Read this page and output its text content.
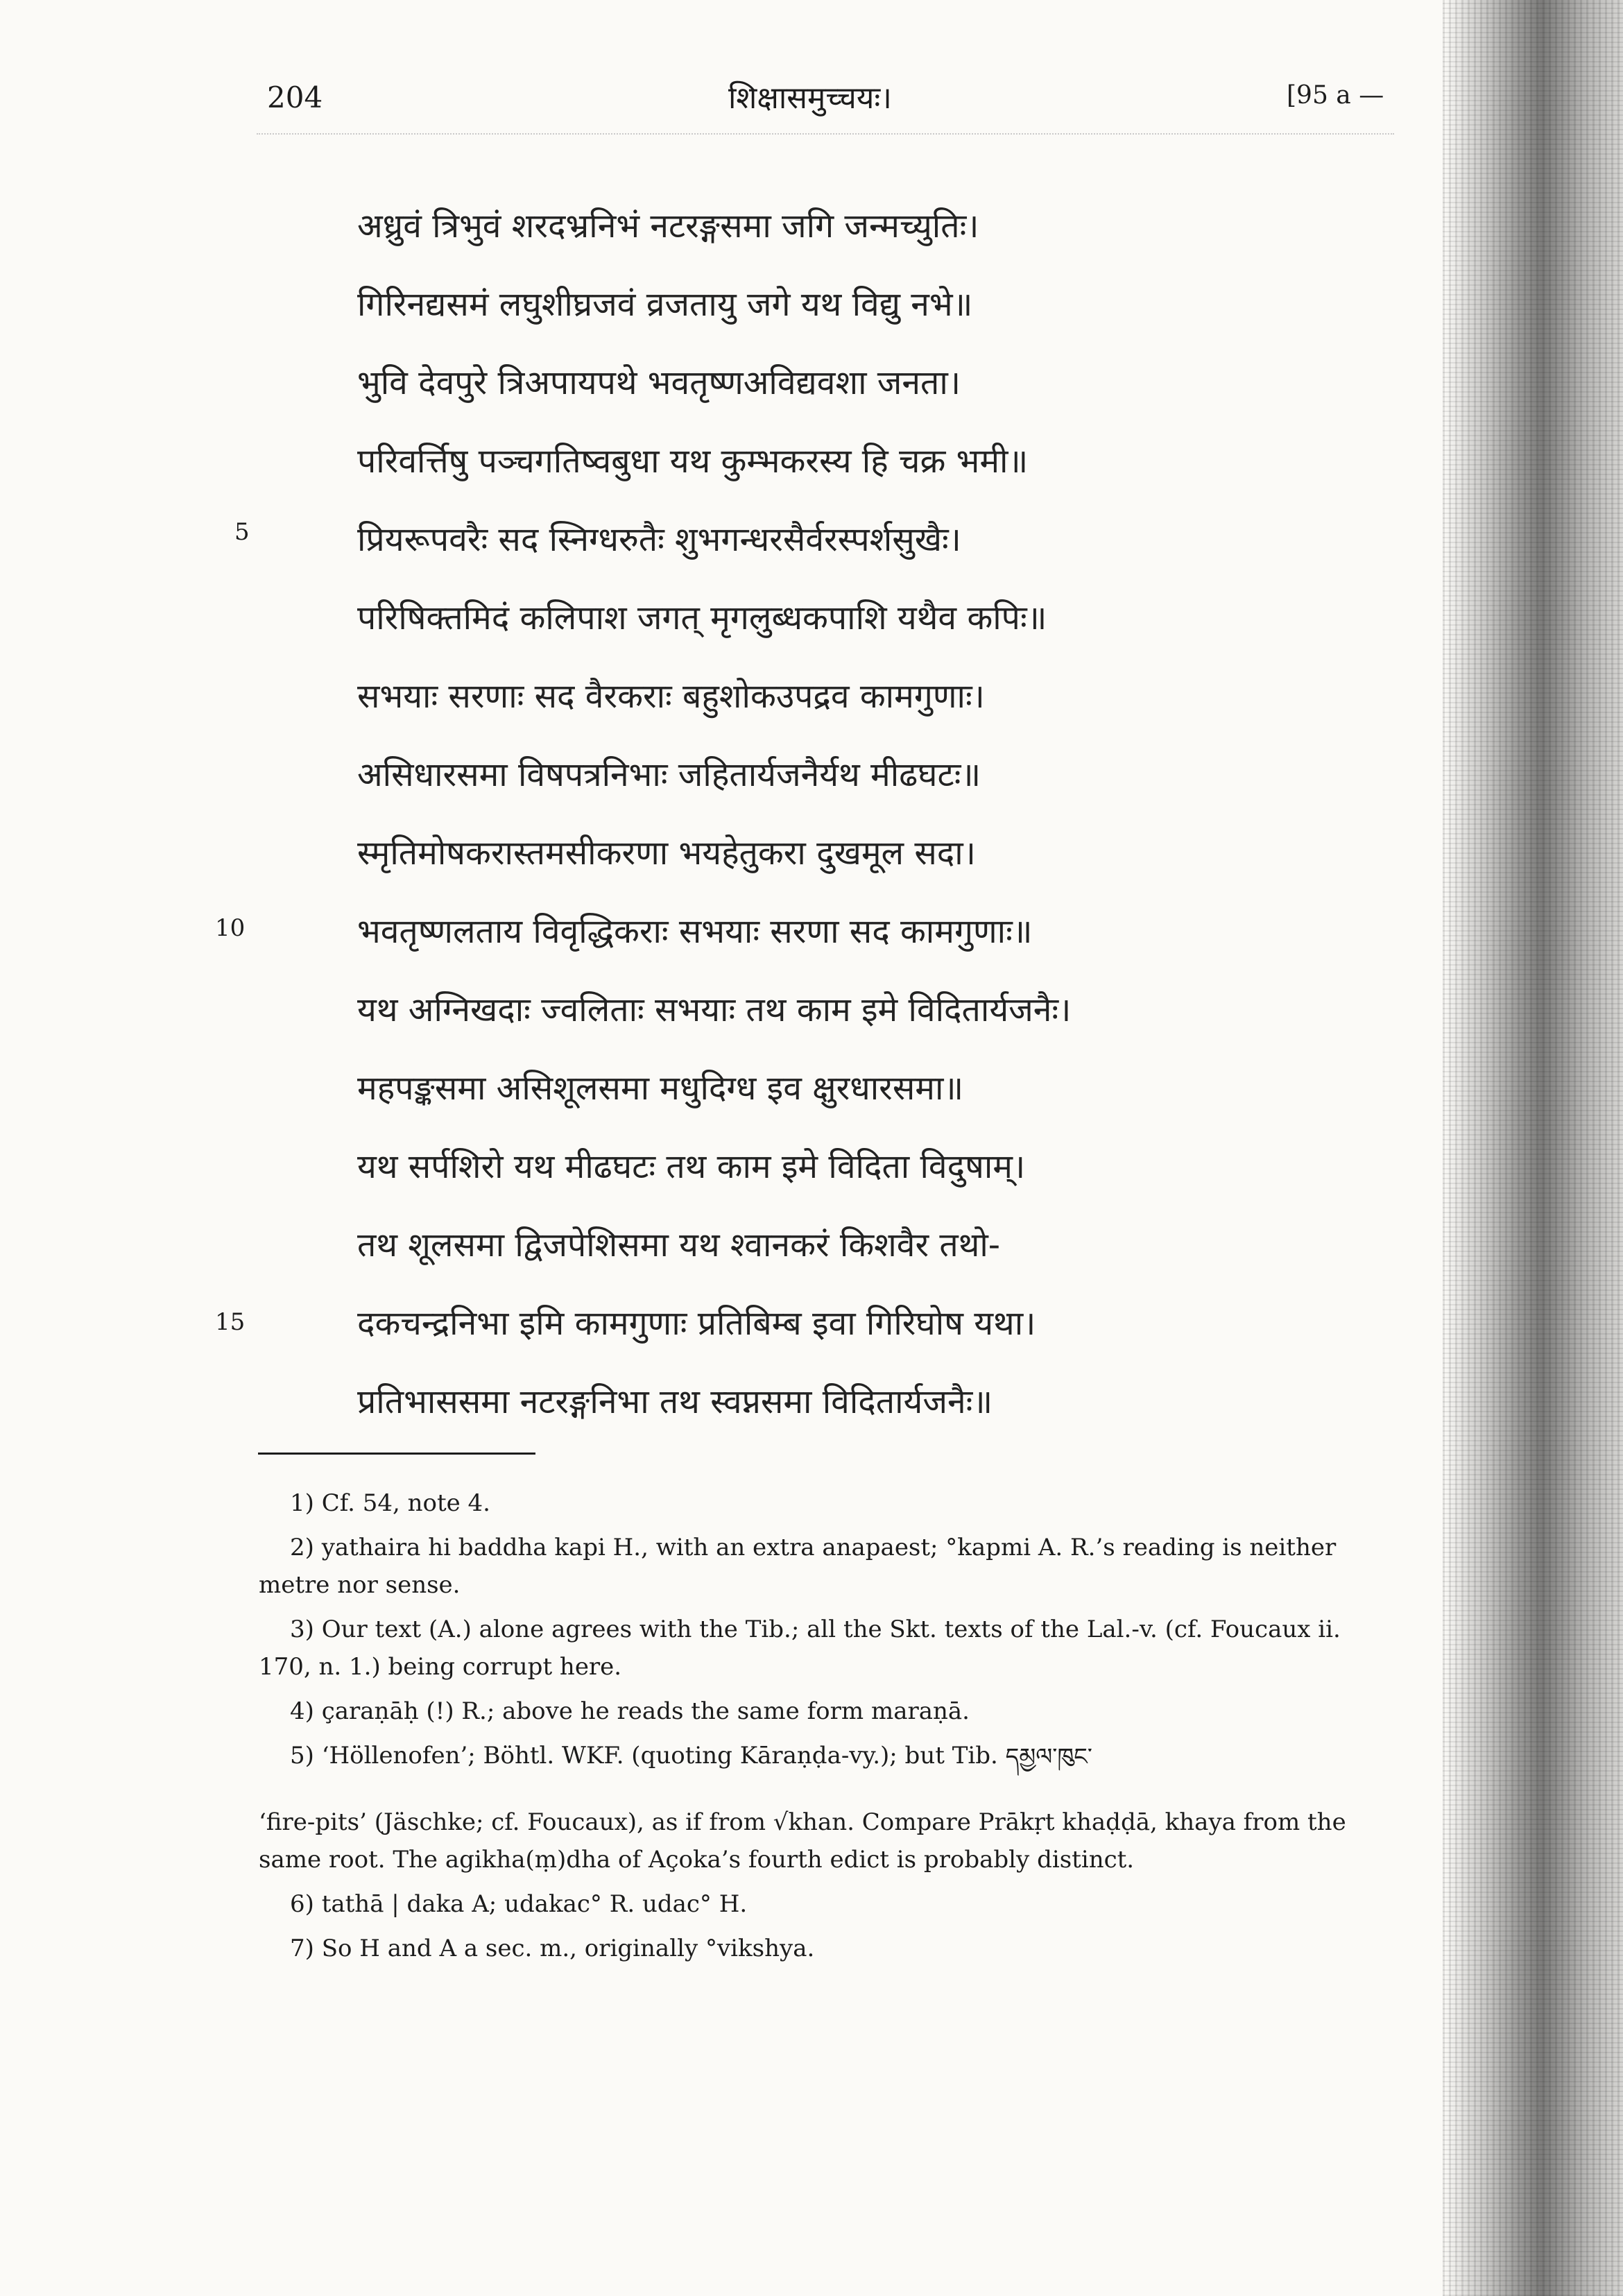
204	शिक्षासमुच्चयः।	[95 a —
अध्रुवं त्रिभुवं शरदभ्रनिभं नटरङ्गसमा जगि जन्मच्युतिः।
गिरिनद्यसमं लघुशीघ्रजवं व्रजतायु जगे यथ विद्यु नभे॥
भुवि देवपुरे त्रिअपायपथे भवतृष्णअविद्यवशा जनता।
परिवर्त्तिषु पञ्चगतिष्वबुधा यथ कुम्भकरस्य हि चक्र भमी॥
प्रियरूपवरैः सद स्निग्धरुतैः शुभगन्धरसैर्वरस्पर्शसुखैः।
परिषिक्तमिदं कलिपाश जगत् मृगलुब्धकपाशि यथैव कपिः॥
सभयाः सरणाः सद वैरकराः बहुशोकउपद्रव कामगुणाः।
असिधारसमा विषपत्रनिभाः जहितार्यजनैर्यथ मीढघटः॥
स्मृतिमोषकरास्तमसीकरणा भयहेतुकरा दुखमूल सदा।
भवतृष्णलताय विवृद्धिकराः सभयाः सरणा सद कामगुणाः॥
यथ अग्निखदाः ज्वलिताः सभयाः तथ काम इमे विदितार्यजनैः।
महपङ्कसमा असिशूलसमा मधुदिग्ध इव क्षुरधारसमा॥
यथ सर्पशिरो यथ मीढघटः तथ काम इमे विदिता विदुषाम्।
तथ शूलसमा द्विजपेशिसमा यथ श्वानकरं किशवैर तथो-
दकचन्द्रनिभा इमि कामगुणाः प्रतिबिम्ब इवा गिरिघोष यथा।
प्रतिभाससमा नटरङ्गनिभा तथ स्वप्नसमा विदितार्यजनैः॥
5
10
15

1) Cf. 54, note 4.

2) yathaira hi baddha kapi H., with an extra anapaest; °kapmi A. R.’s reading is neither metre nor sense.

3) Our text (A.) alone agrees with the Tib.; all the Skt. texts of the Lal.-v. (cf. Foucaux ii. 170, n. 1.) being corrupt here.

4) çaraṇāḥ (!) R.; above he reads the same form maraṇā.

5) ‘Höllenofen’; Böhtl. WKF. (quoting Kāraṇḍa-vy.); but Tib. དམྱལ་ཁུང་

‘fire-pits’ (Jäschke; cf. Foucaux), as if from √khan. Compare Prākṛt khaḍḍā, khaya from the same root. The agikha(ṃ)dha of Açoka’s fourth edict is probably distinct.

6) tathā | daka A; udakac° R. udac° H.

7) So H and A a sec. m., originally °vikshya.
